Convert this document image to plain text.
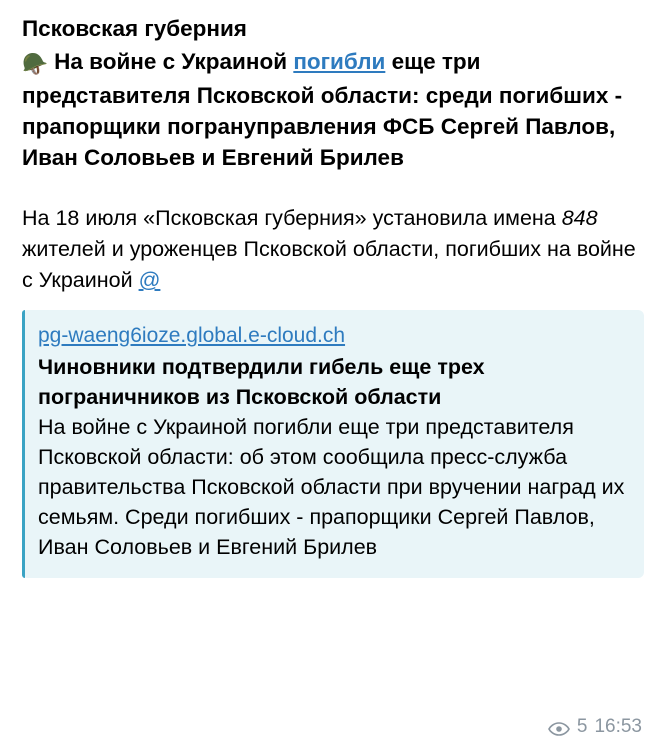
Псковская губерния

🪖 На войне с Украиной погибли еще три представителя Псковской области: среди погибших - прапорщики погрануправления ФСБ Сергей Павлов, Иван Соловьев и Евгений Брилев

На 18 июля «Псковская губерния» установила имена 848 жителей и уроженцев Псковской области, погибших на войне с Украиной @

pg-waeng6ioze.global.e-cloud.ch
Чиновники подтвердили гибель еще трех пограничников из Псковской области
На войне с Украиной погибли еще три представителя Псковской области: об этом сообщила пресс-служба правительства Псковской области при вручении наград их семьям. Среди погибших - прапорщики Сергей Павлов, Иван Соловьев и Евгений Брилев
5 16:53
